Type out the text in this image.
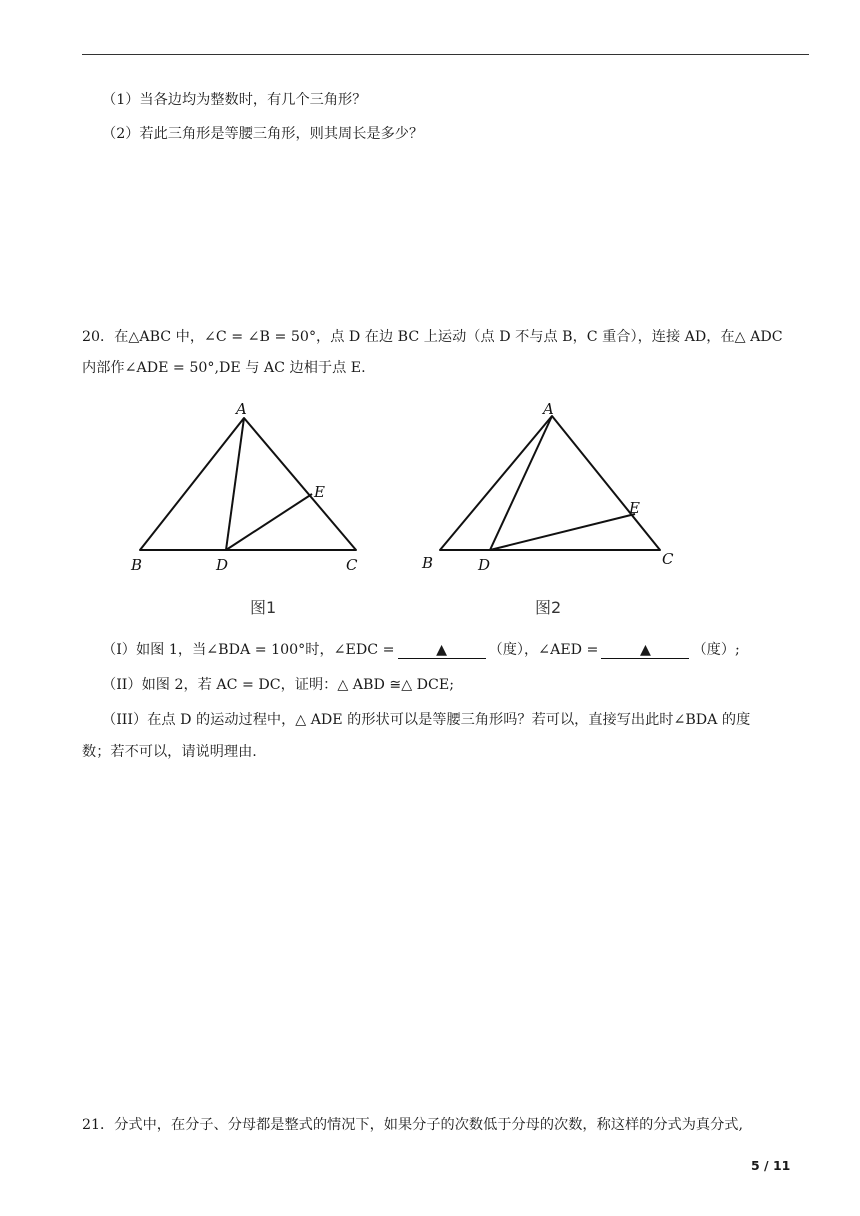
（1）当各边均为整数时，有几个三角形？
（2）若此三角形是等腰三角形，则其周长是多少？
20．在△ABC 中，∠C = ∠B = 50°，点 D 在边 BC 上运动（点 D 不与点 B，C 重合），连接 AD，在△ ADC
内部作∠ADE = 50°,DE 与 AC 边相于点 E.
A
B	C
D
E
图1
A
B	C
D
E
图2
（I）如图 1，当∠BDA = 100°时，∠EDC =	▲	（度），∠AED =	▲	（度）;
（II）如图 2，若 AC = DC，证明：△ ABD ≅△ DCE;
（III）在点 D 的运动过程中，△ ADE 的形状可以是等腰三角形吗？若可以，直接写出此时∠BDA 的度
数；若不可以，请说明理由.
21．分式中，在分子、分母都是整式的情况下，如果分子的次数低于分母的次数，称这样的分式为真分式,
5 / 11
